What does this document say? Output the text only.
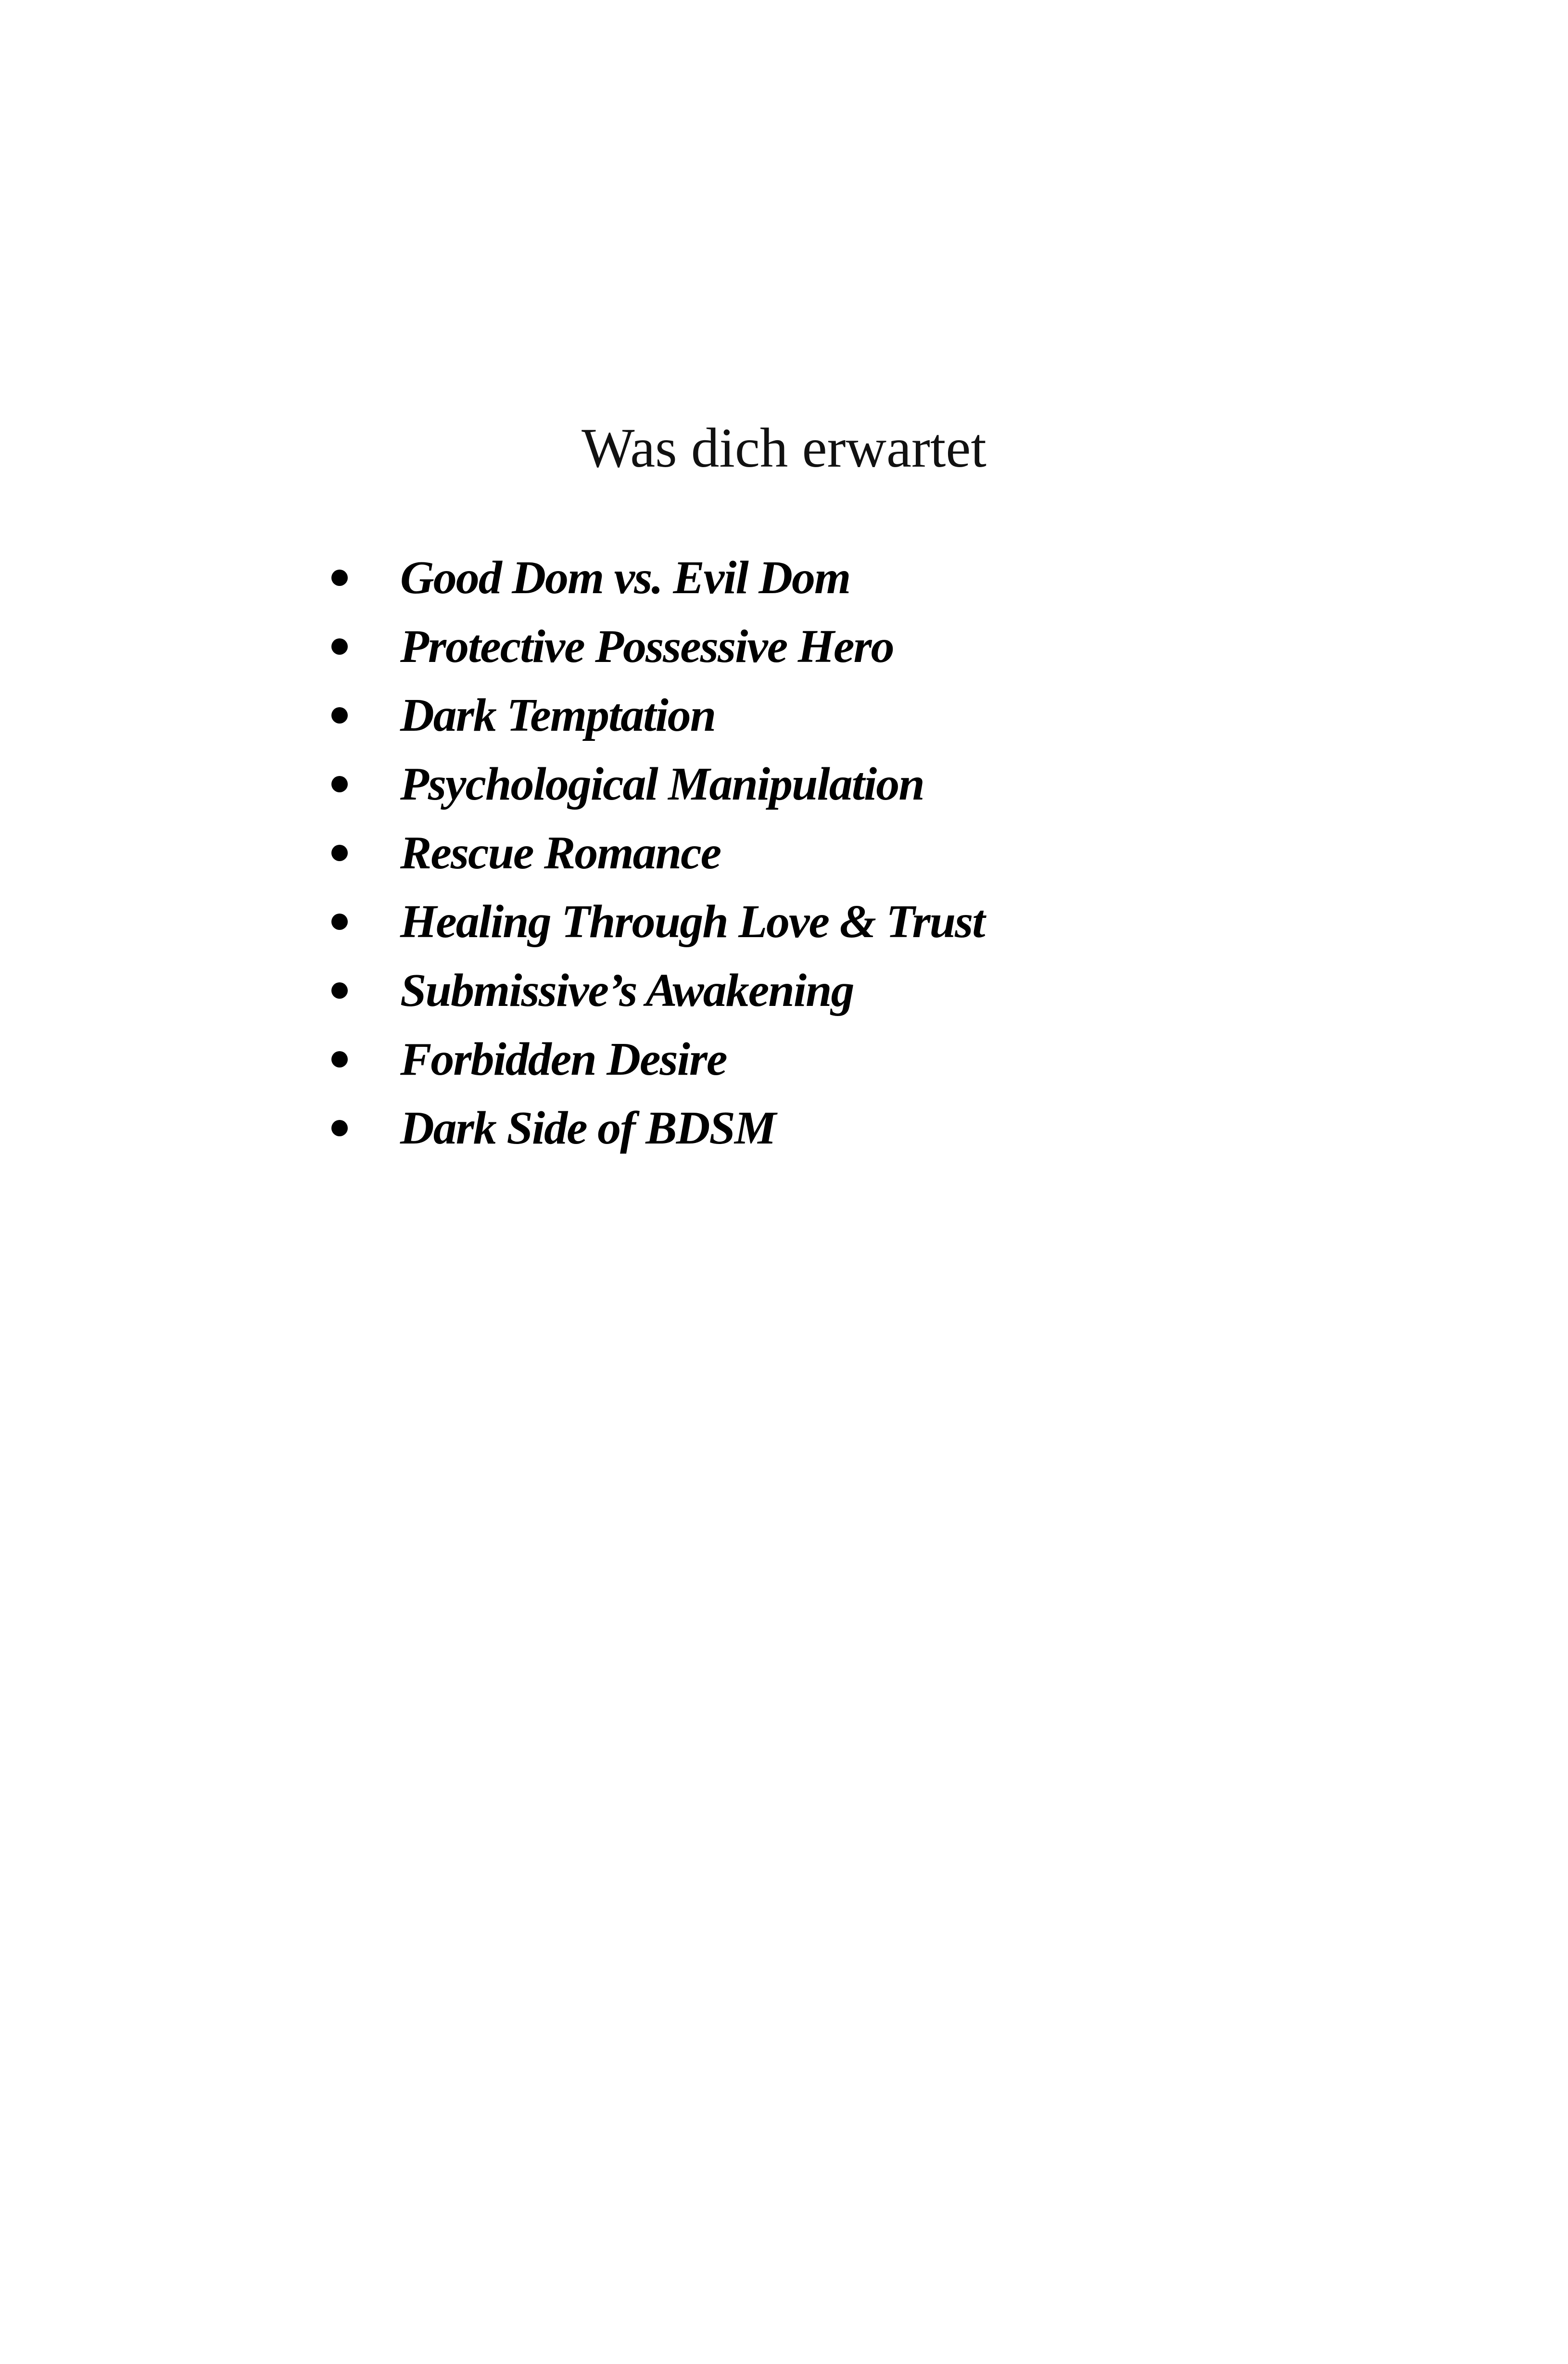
Was dich erwartet
Good Dom vs. Evil Dom
Protective Possessive Hero
Dark Temptation
Psychological Manipulation
Rescue Romance
Healing Through Love & Trust
Submissive’s Awakening
Forbidden Desire
Dark Side of BDSM
